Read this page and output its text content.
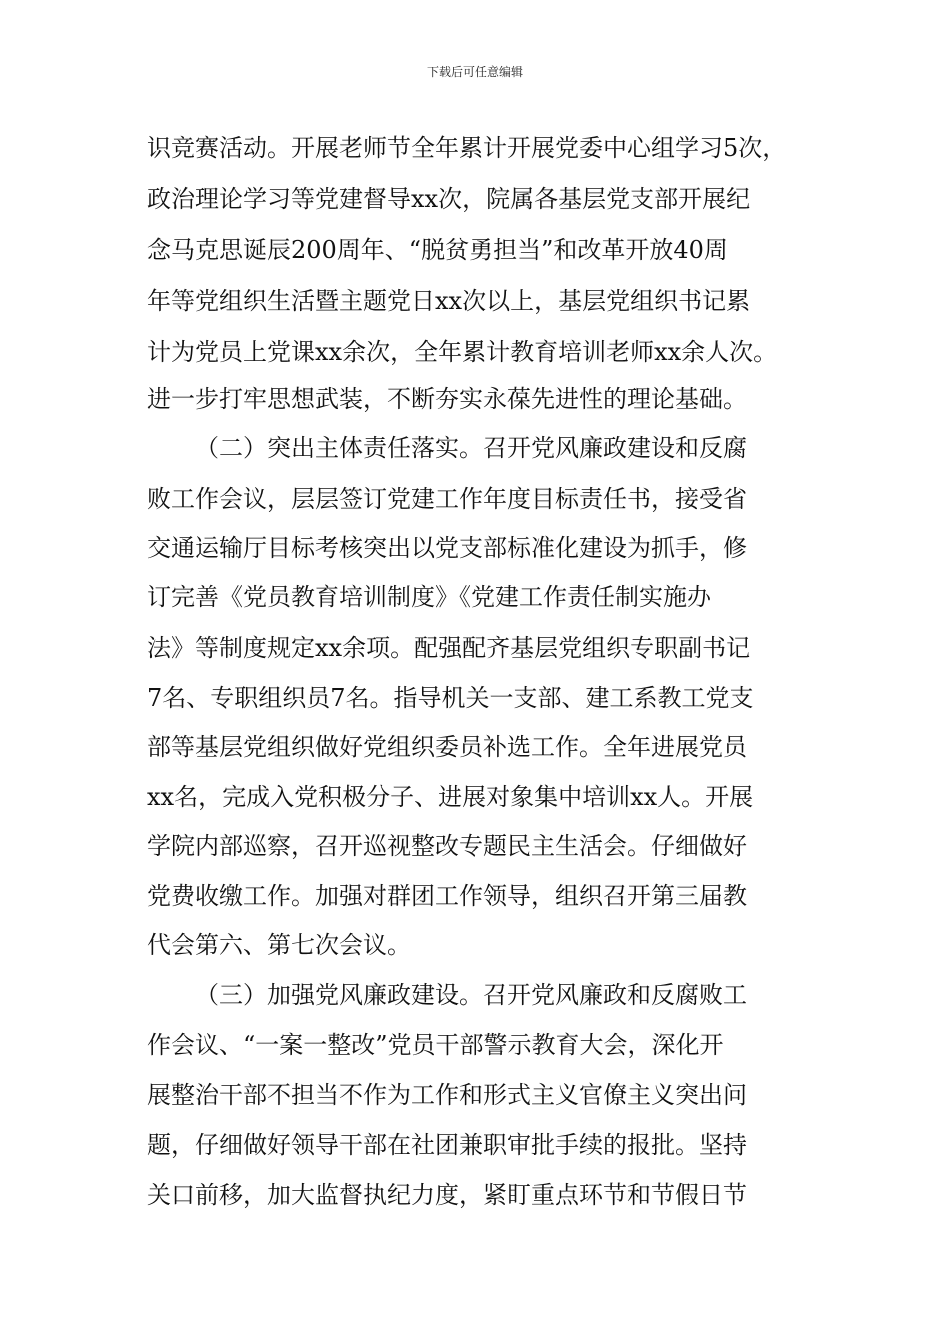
下载后可任意编辑
识竞赛活动。开展老师节全年累计开展党委中心组学习5次，
政治理论学习等党建督导xx次，院属各基层党支部开展纪
念马克思诞辰200周年、“脱贫勇担当”和改革开放40周
年等党组织生活暨主题党日xx次以上，基层党组织书记累
计为党员上党课xx余次，全年累计教育培训老师xx余人次。
进一步打牢思想武装，不断夯实永葆先进性的理论基础。
（二）突出主体责任落实。召开党风廉政建设和反腐
败工作会议，层层签订党建工作年度目标责任书，接受省
交通运输厅目标考核突出以党支部标准化建设为抓手，修
订完善《党员教育培训制度》《党建工作责任制实施办
法》等制度规定xx余项。配强配齐基层党组织专职副书记
7名、专职组织员7名。指导机关一支部、建工系教工党支
部等基层党组织做好党组织委员补选工作。全年进展党员
xx名，完成入党积极分子、进展对象集中培训xx人。开展
学院内部巡察，召开巡视整改专题民主生活会。仔细做好
党费收缴工作。加强对群团工作领导，组织召开第三届教
代会第六、第七次会议。
（三）加强党风廉政建设。召开党风廉政和反腐败工
作会议、“一案一整改”党员干部警示教育大会，深化开
展整治干部不担当不作为工作和形式主义官僚主义突出问
题，仔细做好领导干部在社团兼职审批手续的报批。坚持
关口前移，加大监督执纪力度，紧盯重点环节和节假日节
